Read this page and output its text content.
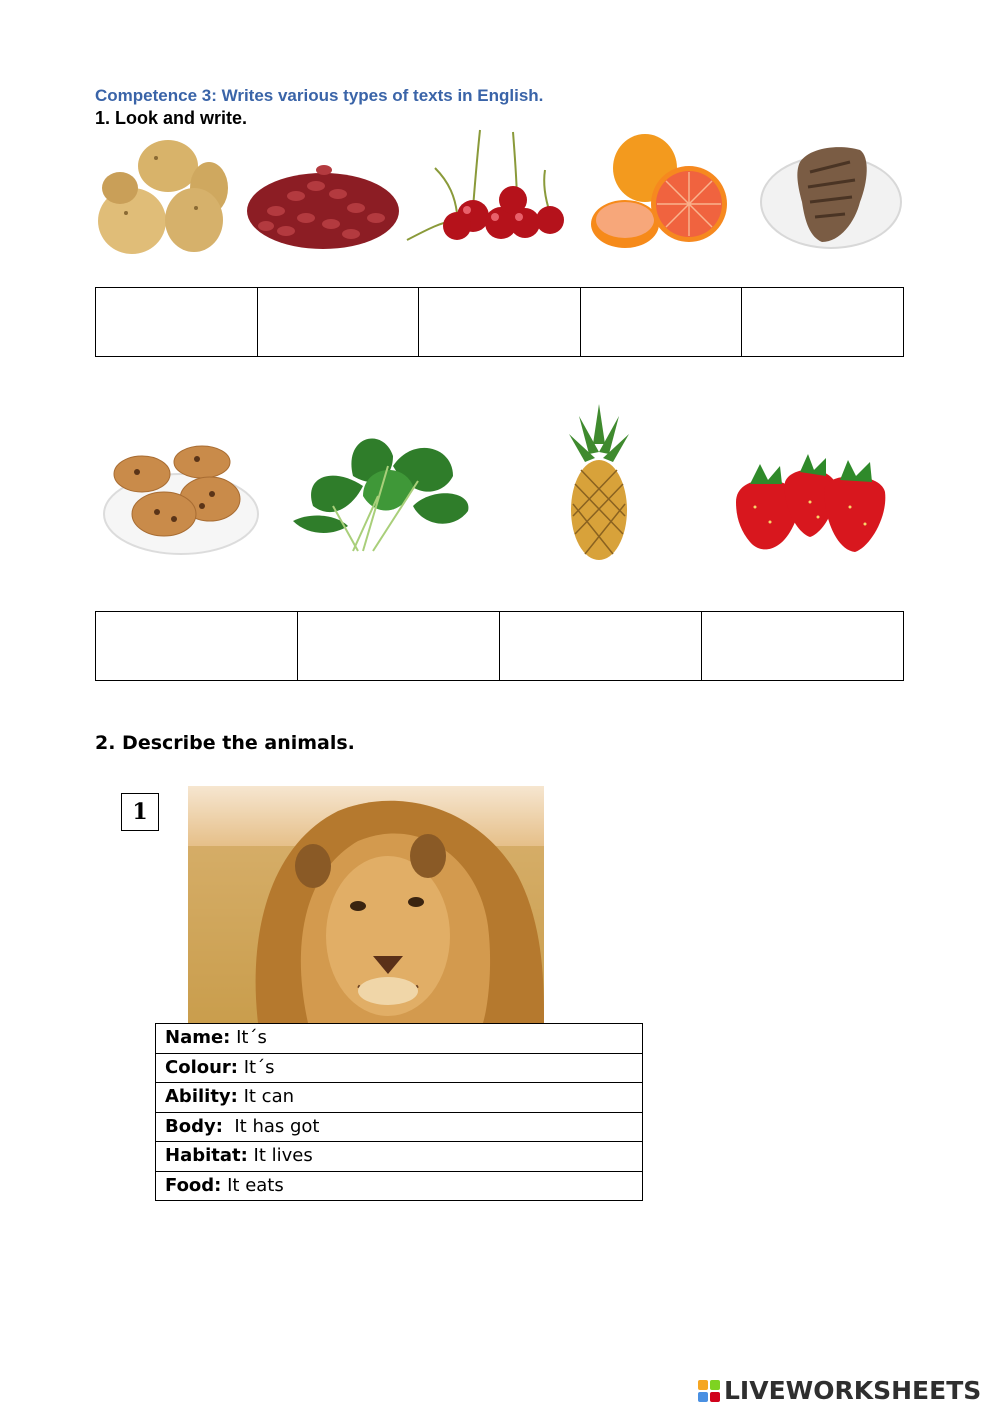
Competence 3: Writes various types of texts in English.
1. Look and write.

2. Describe the animals.
1
Name: It´s
Colour: It´s
Ability: It can
Body:  It has got
Habitat: It lives
Food: It eats
LIVEWORKSHEETS
